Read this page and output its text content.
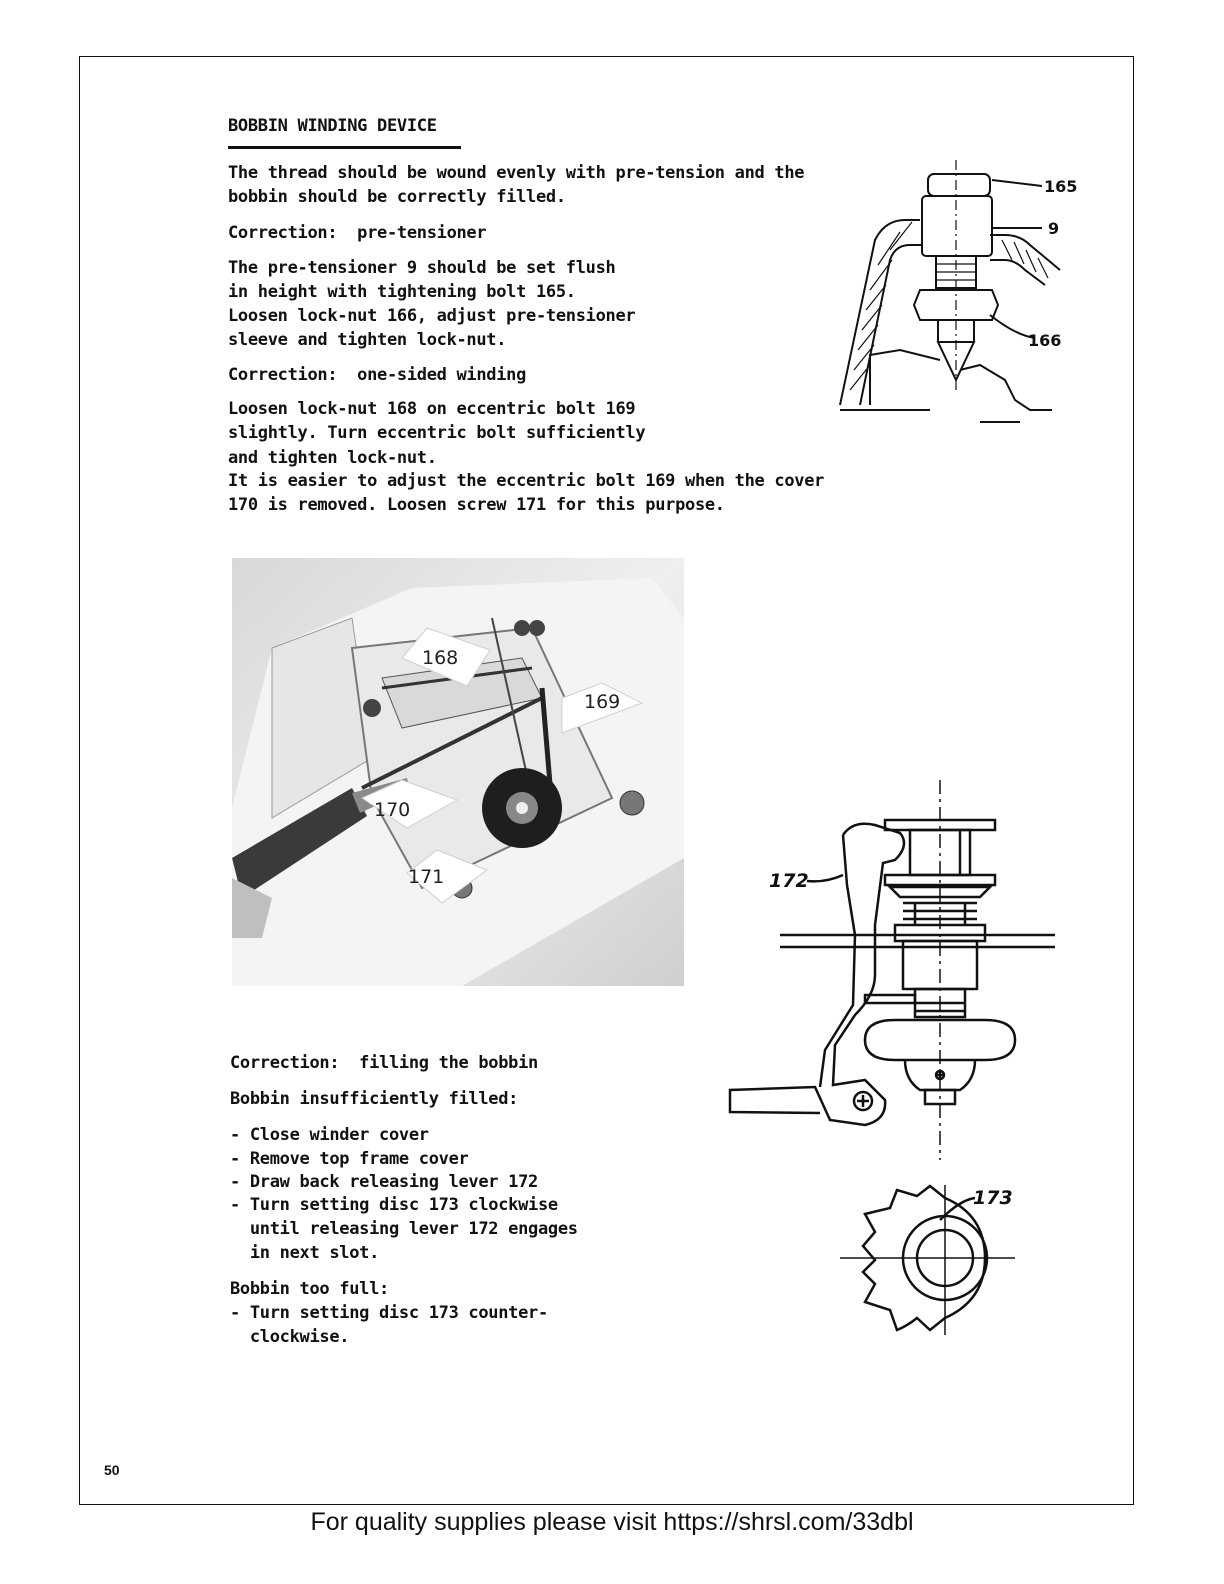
BOBBIN WINDING DEVICE
The thread should be wound evenly with pre-tension and the
bobbin should be correctly filled.
Correction:  pre-tensioner
The pre-tensioner 9 should be set flush
in height with tightening bolt 165.
Loosen lock-nut 166, adjust pre-tensioner
sleeve and tighten lock-nut.
Correction:  one-sided winding
Loosen lock-nut 168 on eccentric bolt 169
slightly. Turn eccentric bolt sufficiently
and tighten lock-nut.
It is easier to adjust the eccentric bolt 169 when the cover
170 is removed. Loosen screw 171 for this purpose.
165
9
166
168
169
170
171
Correction:  filling the bobbin
Bobbin insufficiently filled:
- Close winder cover
- Remove top frame cover
- Draw back releasing lever 172
- Turn setting disc 173 clockwise
until releasing lever 172 engages
in next slot.
Bobbin too full:
- Turn setting disc 173 counter-
clockwise.
172
173
50
For quality supplies please visit https://shrsl.com/33dbl
